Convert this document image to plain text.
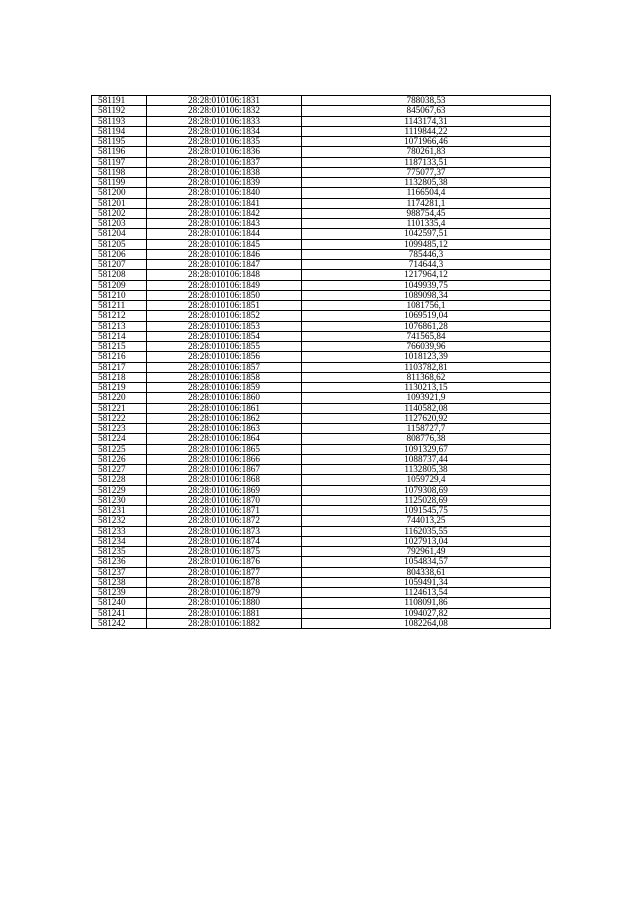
581191	28:28:010106:1831	788038,53
581192	28:28:010106:1832	845067,63
581193	28:28:010106:1833	1143174,31
581194	28:28:010106:1834	1119844,22
581195	28:28:010106:1835	1071966,46
581196	28:28:010106:1836	780261,83
581197	28:28:010106:1837	1187133,51
581198	28:28:010106:1838	775077,37
581199	28:28:010106:1839	1132805,38
581200	28:28:010106:1840	1166504,4
581201	28:28:010106:1841	1174281,1
581202	28:28:010106:1842	988754,45
581203	28:28:010106:1843	1101335,4
581204	28:28:010106:1844	1042597,51
581205	28:28:010106:1845	1099485,12
581206	28:28:010106:1846	785446,3
581207	28:28:010106:1847	714644,3
581208	28:28:010106:1848	1217964,12
581209	28:28:010106:1849	1049939,75
581210	28:28:010106:1850	1089098,34
581211	28:28:010106:1851	1081756,1
581212	28:28:010106:1852	1069519,04
581213	28:28:010106:1853	1076861,28
581214	28:28:010106:1854	741565,84
581215	28:28:010106:1855	766039,96
581216	28:28:010106:1856	1018123,39
581217	28:28:010106:1857	1103782,81
581218	28:28:010106:1858	811368,62
581219	28:28:010106:1859	1130213,15
581220	28:28:010106:1860	1093921,9
581221	28:28:010106:1861	1140582,08
581222	28:28:010106:1862	1127620,92
581223	28:28:010106:1863	1158727,7
581224	28:28:010106:1864	808776,38
581225	28:28:010106:1865	1091329,67
581226	28:28:010106:1866	1088737,44
581227	28:28:010106:1867	1132805,38
581228	28:28:010106:1868	1059729,4
581229	28:28:010106:1869	1079308,69
581230	28:28:010106:1870	1125028,69
581231	28:28:010106:1871	1091545,75
581232	28:28:010106:1872	744013,25
581233	28:28:010106:1873	1162035,55
581234	28:28:010106:1874	1027913,04
581235	28:28:010106:1875	792961,49
581236	28:28:010106:1876	1054834,57
581237	28:28:010106:1877	804338,61
581238	28:28:010106:1878	1059491,34
581239	28:28:010106:1879	1124613,54
581240	28:28:010106:1880	1108091,86
581241	28:28:010106:1881	1094027,82
581242	28:28:010106:1882	1082264,08
